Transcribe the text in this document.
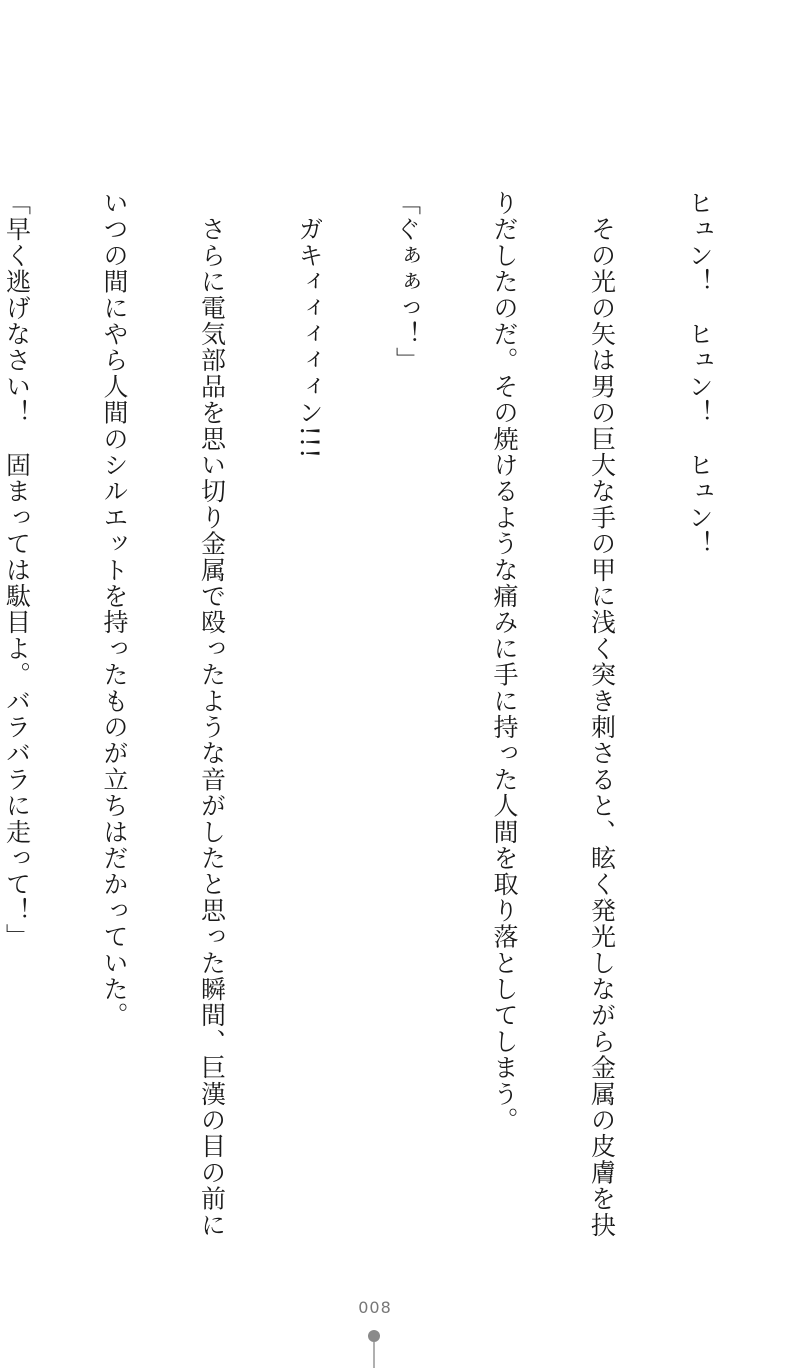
ヒュン！　ヒュン！　ヒュン！

　その光の矢は男の巨大な手の甲に浅く突き刺さると、眩く発光しながら金属の皮膚を抉

りだしたのだ。その焼けるような痛みに手に持った人間を取り落としてしまう。

「ぐぁぁっ！」

　ガキィィィィィン!!!

　さらに電気部品を思い切り金属で殴ったような音がしたと思った瞬間、巨漢の目の前に

いつの間にやら人間のシルエットを持ったものが立ちはだかっていた。

「早く逃げなさい！　固まっては駄目よ。バラバラに走って！」

008
